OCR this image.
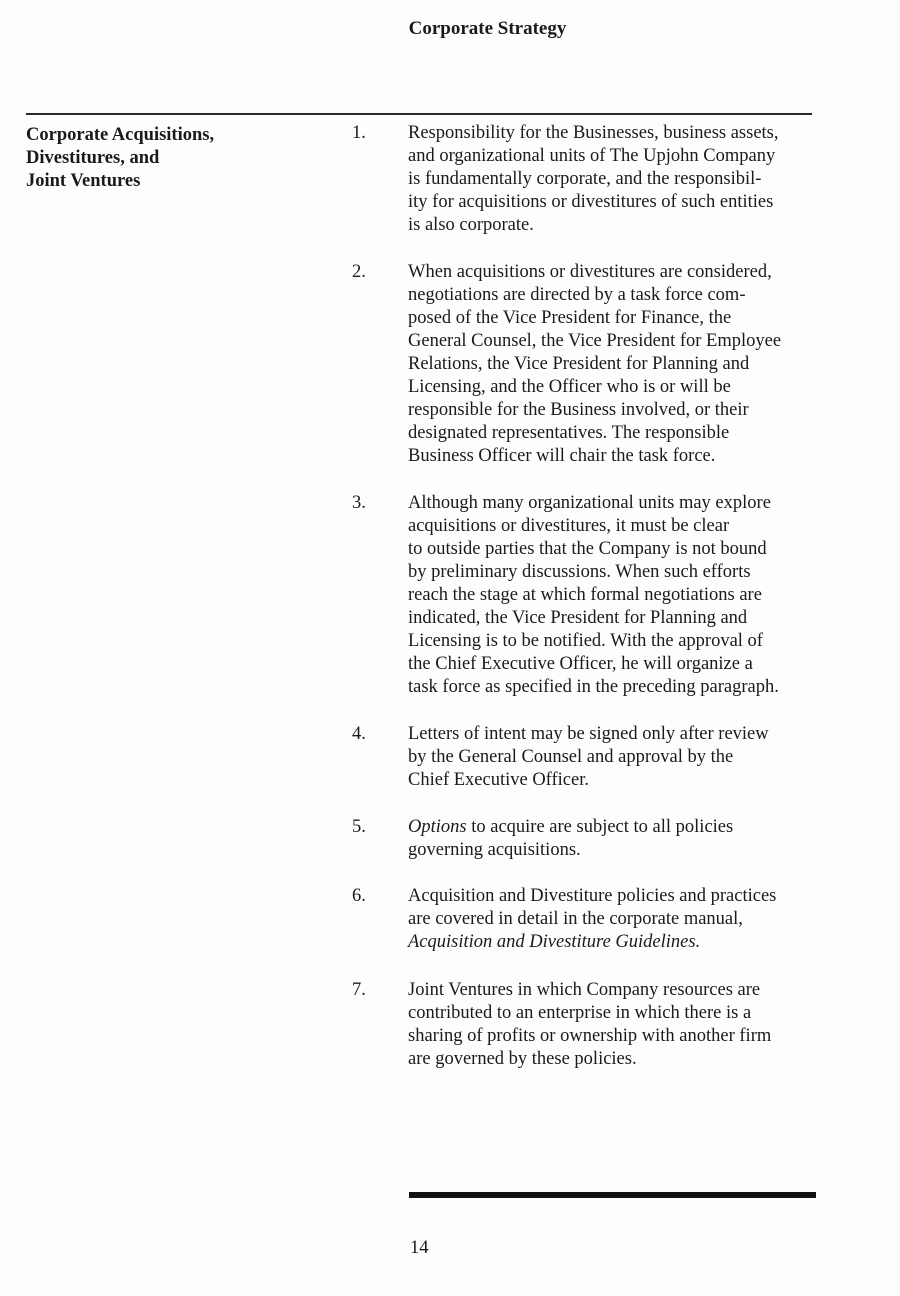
Corporate Strategy
Corporate Acquisitions,
Divestitures, and
Joint Ventures
1.	Responsibility for the Businesses, business assets,
and organizational units of The Upjohn Company
is fundamentally corporate, and the responsibil-
ity for acquisitions or divestitures of such entities
is also corporate.
2.	When acquisitions or divestitures are considered,
negotiations are directed by a task force com-
posed of the Vice President for Finance, the
General Counsel, the Vice President for Employee
Relations, the Vice President for Planning and
Licensing, and the Officer who is or will be
responsible for the Business involved, or their
designated representatives. The responsible
Business Officer will chair the task force.
3.	Although many organizational units may explore
acquisitions or divestitures, it must be clear
to outside parties that the Company is not bound
by preliminary discussions. When such efforts
reach the stage at which formal negotiations are
indicated, the Vice President for Planning and
Licensing is to be notified. With the approval of
the Chief Executive Officer, he will organize a
task force as specified in the preceding paragraph.
4.	Letters of intent may be signed only after review
by the General Counsel and approval by the
Chief Executive Officer.
5.	Options to acquire are subject to all policies
governing acquisitions.
6.	Acquisition and Divestiture policies and practices
are covered in detail in the corporate manual,
Acquisition and Divestiture Guidelines.
7.	Joint Ventures in which Company resources are
contributed to an enterprise in which there is a
sharing of profits or ownership with another firm
are governed by these policies.
14
